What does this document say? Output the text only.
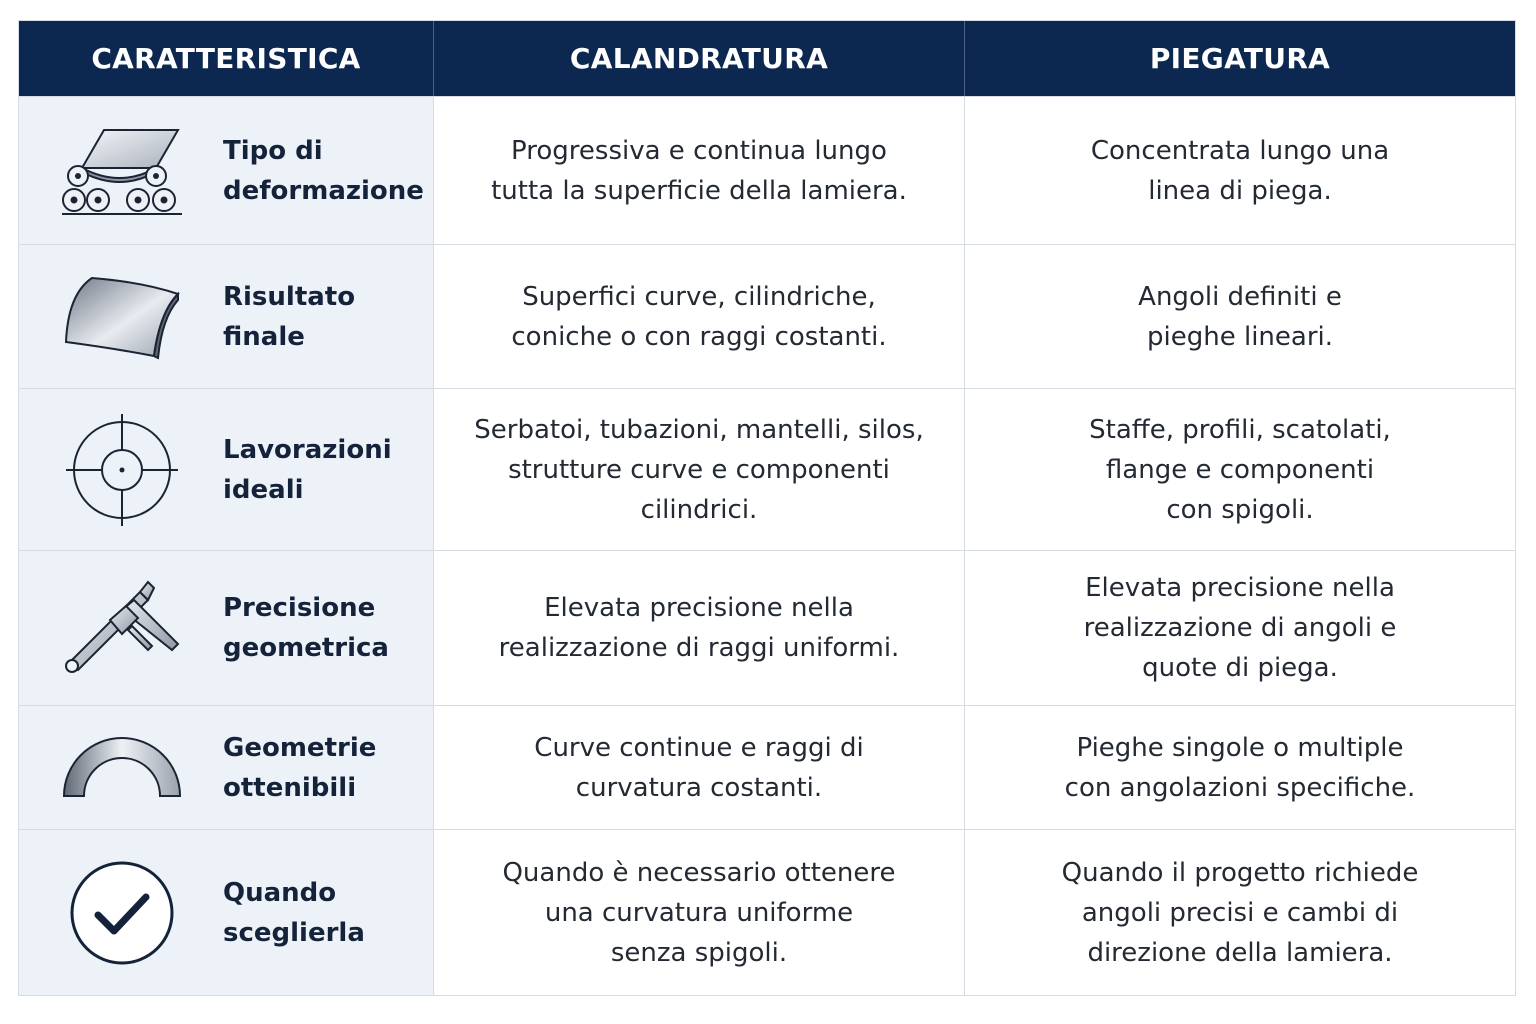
CARATTERISTICA	CALANDRATURA	PIEGATURA
Tipo di
deformazione
Progressiva e continua lungo
tutta la superficie della lamiera.
Concentrata lungo una
linea di piega.
Risultato
finale
Superfici curve, cilindriche,
coniche o con raggi costanti.
Angoli definiti e
pieghe lineari.
Lavorazioni
ideali
Serbatoi, tubazioni, mantelli, silos,
strutture curve e componenti
cilindrici.
Staffe, profili, scatolati,
flange e componenti
con spigoli.
Precisione
geometrica
Elevata precisione nella
realizzazione di raggi uniformi.
Elevata precisione nella
realizzazione di angoli e
quote di piega.
Geometrie
ottenibili
Curve continue e raggi di
curvatura costanti.
Pieghe singole o multiple
con angolazioni specifiche.
Quando
sceglierla
Quando è necessario ottenere
una curvatura uniforme
senza spigoli.
Quando il progetto richiede
angoli precisi e cambi di
direzione della lamiera.
